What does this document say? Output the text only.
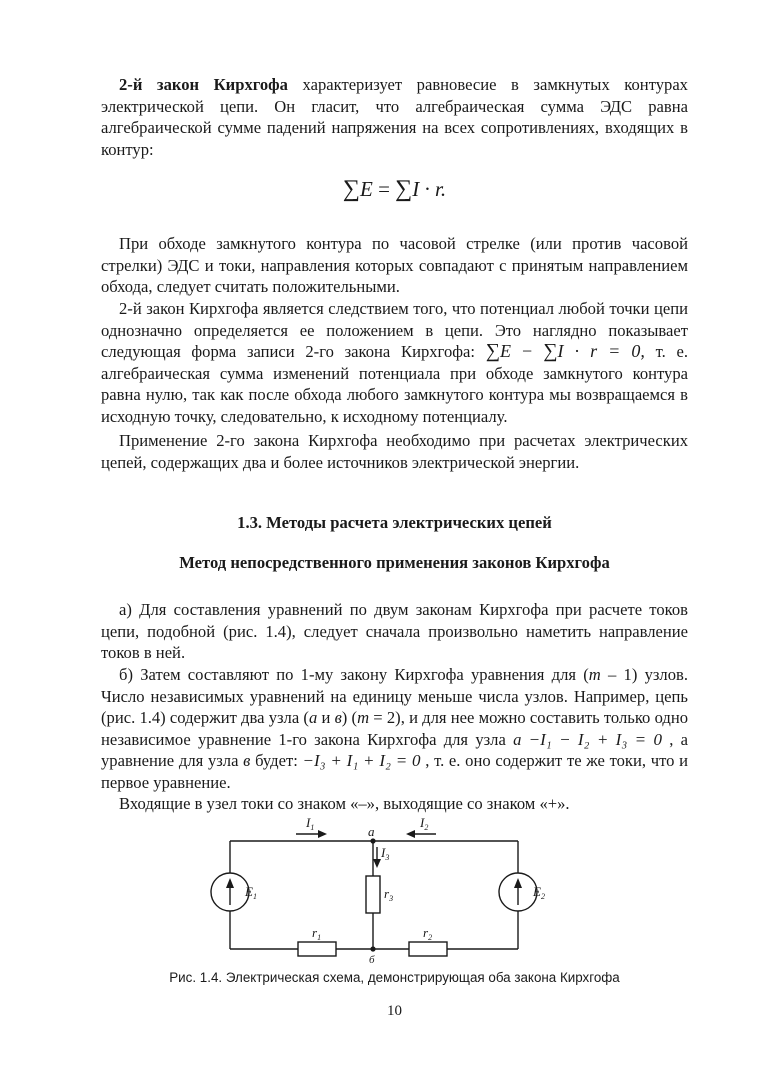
2-й закон Кирхгофа характеризует равновесие в замкнутых контурах электрической цепи. Он гласит, что алгебраическая сумма ЭДС равна алгебраической сумме падений напряжения на всех сопротивлениях, входящих в контур:

∑E = ∑I · r.

При обходе замкнутого контура по часовой стрелке (или против часовой стрелки) ЭДС и токи, направления которых совпадают с принятым направлением обхода, следует считать положительными.

2-й закон Кирхгофа является следствием того, что потенциал любой точки цепи однозначно определяется ее положением в цепи. Это наглядно показывает следующая форма записи 2-го закона Кирхгофа: ∑E − ∑I · r = 0, т. е. алгебраическая сумма изменений потенциала при обходе замкнутого контура равна нулю, так как после обхода любого замкнутого контура мы возвращаемся в исходную точку, следовательно, к исходному потенциалу.

Применение 2-го закона Кирхгофа необходимо при расчетах электрических цепей, содержащих два и более источников электрической энергии.

1.3. Методы расчета электрических цепей
Метод непосредственного применения законов Кирхгофа

а) Для составления уравнений по двум законам Кирхгофа при расчете токов цепи, подобной (рис. 1.4), следует сначала произвольно наметить направление токов в ней.

б) Затем составляют по 1-му закону Кирхгофа уравнения для (m – 1) узлов. Число независимых уравнений на единицу меньше числа узлов. Например, цепь (рис. 1.4) содержит два узла (a и в) (m = 2), и для нее можно составить только одно независимое уравнение 1-го закона Кирхгофа для узла a −I₁ − I₂ + I₃ = 0 , а уравнение для узла в будет: −I₃ + I₁ + I₂ = 0 , т. е. оно содержит те же токи, что и первое уравнение.

Входящие в узел токи со знаком «–», выходящие со знаком «+».

$I_1$	$I_2$
$I_3$
a
б
$E_1$	$E_2$
$r_1$	$r_2$
$r_3$
Рис. 1.4. Электрическая схема, демонстрирующая оба закона Кирхгофа
10
